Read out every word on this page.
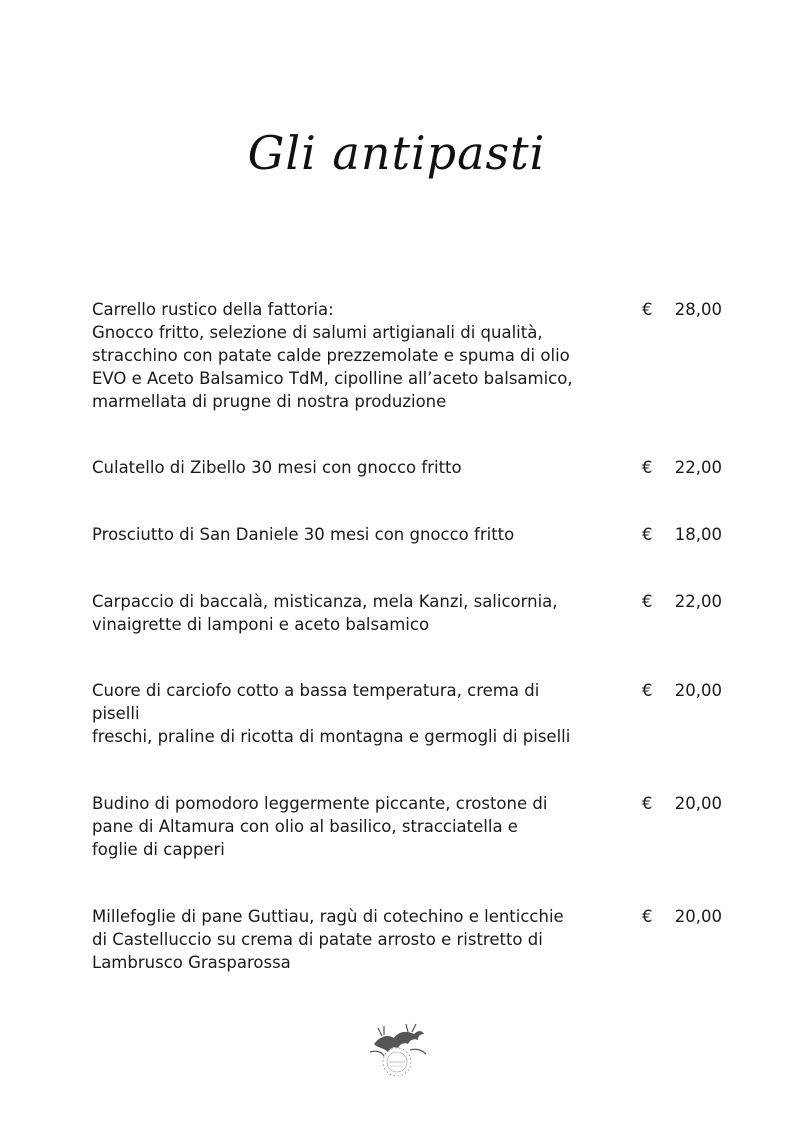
Gli antipasti
Carrello rustico della fattoria:
Gnocco fritto, selezione di salumi artigianali di qualità,
stracchino con patate calde prezzemolate e spuma di olio
EVO e Aceto Balsamico TdM, cipolline all’aceto balsamico,
marmellata di prugne di nostra produzione
€ 28,00
Culatello di Zibello 30 mesi con gnocco fritto	€ 22,00
Prosciutto di San Daniele 30 mesi con gnocco fritto	€ 18,00
Carpaccio di baccalà, misticanza, mela Kanzi, salicornia,
vinaigrette di lamponi e aceto balsamico
€ 22,00
Cuore di carciofo cotto a bassa temperatura, crema di piselli
freschi, praline di ricotta di montagna e germogli di piselli
€ 20,00
Budino di pomodoro leggermente piccante, crostone di
pane di Altamura con olio al basilico, stracciatella e
foglie di capperi
€ 20,00
Millefoglie di pane Guttiau, ragù di cotechino e lenticchie
di Castelluccio su crema di patate arrosto e ristretto di
Lambrusco Grasparossa
€ 20,00
